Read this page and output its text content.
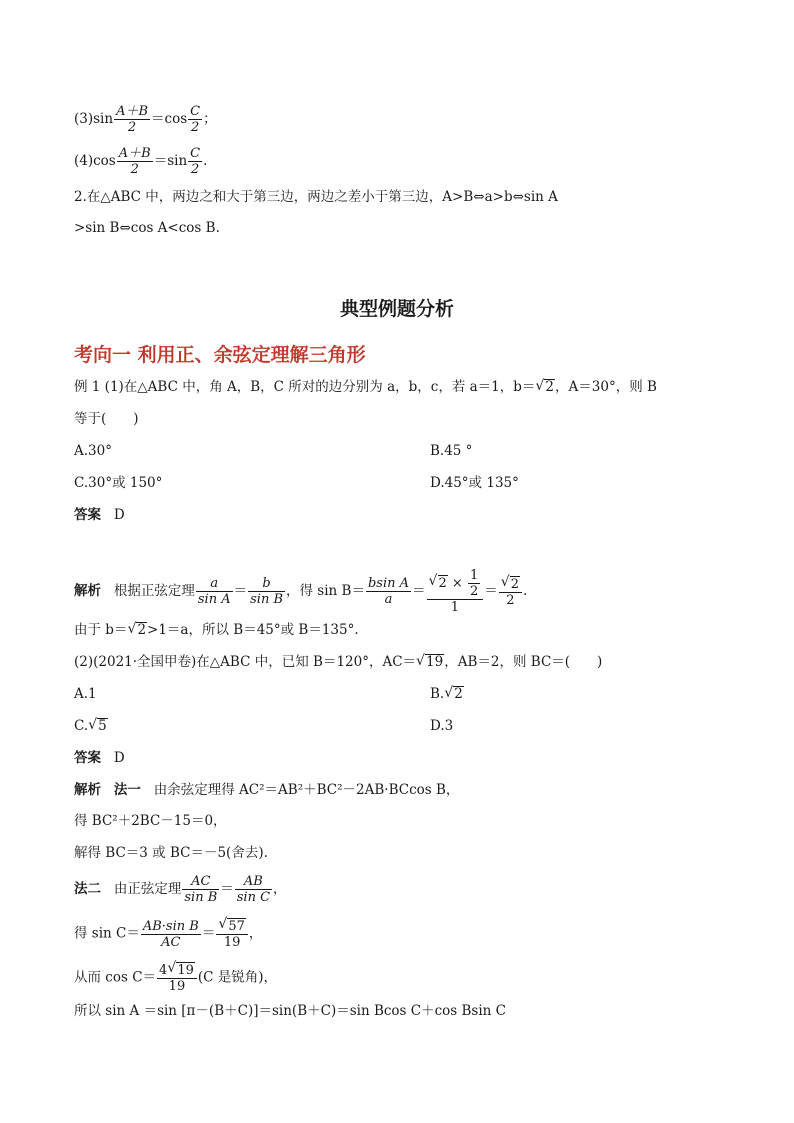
$(3)\sin \frac{A+B}{2} =\cos \frac{C}{2}$ ；
$(4)\cos \frac{A+B}{2} =\sin \frac{C}{2}$ .
2.在△ABC 中，两边之和大于第三边，两边之差小于第三边，A>B⇔a>b⇔sin A
>sin B⇔cos A<cos B.
典型例题分析
考向一 利用正、余弦定理解三角形
例 1 (1)在△ABC 中，角 A，B，C 所对的边分别为 a，b，c，若 a＝1，b＝ √ 2，A＝30°，则 B
等于(　　)
A.30°	B.45 °
C.30°或 150°	D.45°或 135°
答案 D
解析 根据正弦定理 $\frac{a}{\text{sin A}} = \frac{b}{\text{sin B}}$ ，得 $\sin B= \frac{\text{bsin A}}{a}$ ＝ √ $\frac{2 \times \frac{1}{2}}{1}$ ＝ √ $\frac{2}{2}$ .
由于 b＝ √ 2>1＝a，所以 B＝45°或 B＝135°.
(2)(2021·全国甲卷)在△ABC 中，已知 B＝120°，AC＝ √ 19，AB＝2，则 BC＝(　　)
A.1	B. √ 2
C. √ 5	D.3
答案 D
解析 法一 由余弦定理得 AC²＝AB²＋BC²－2AB·BCcos B，
得 BC²＋2BC－15＝0，
解得 BC＝3 或 BC＝－5(舍去).
法二 由正弦定理 $\frac{AC}{\text{sin B}} = \frac{AB}{\text{sin C}}$ ，
得 $\sin C= \frac{\text{AB·sin B}}{AC}$ ＝ √ $\frac{57}{19}$ ，
从而 $\cos C= \frac{4 √ 19}{19} (C$ 是锐角)，
所以 sin A ＝sin [π－(B＋C)]＝sin(B＋C)＝sin Bcos C＋cos Bsin C
